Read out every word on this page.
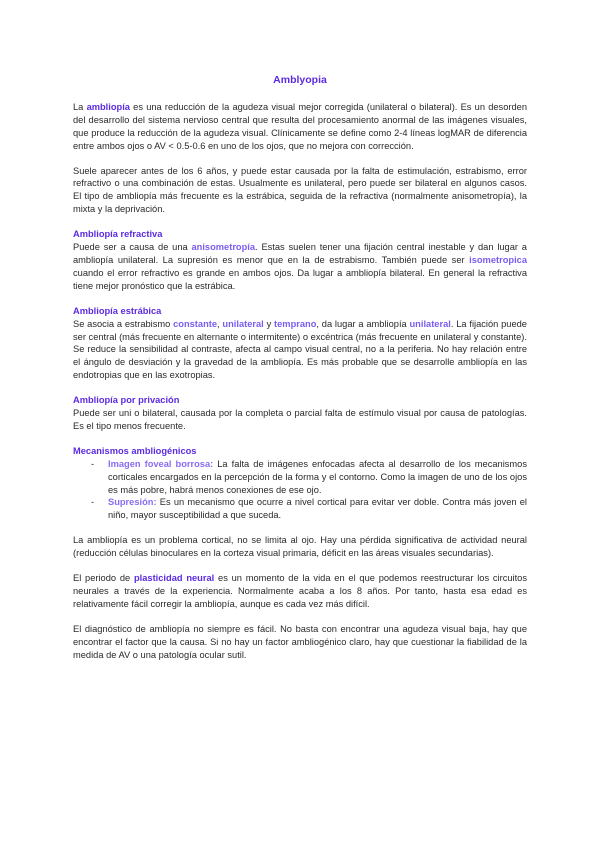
Amblyopia

La ambliopía es una reducción de la agudeza visual mejor corregida (unilateral o bilateral). Es un desorden del desarrollo del sistema nervioso central que resulta del procesamiento anormal de las imágenes visuales, que produce la reducción de la agudeza visual. Clínicamente se define como 2-4 líneas logMAR de diferencia entre ambos ojos o AV < 0.5-0.6 en uno de los ojos, que no mejora con corrección.

Suele aparecer antes de los 6 años, y puede estar causada por la falta de estimulación, estrabismo, error refractivo o una combinación de estas. Usualmente es unilateral, pero puede ser bilateral en algunos casos. El tipo de ambliopía más frecuente es la estrábica, seguida de la refractiva (normalmente anisometropía), la mixta y la deprivación.

Ambliopía refractiva

Puede ser a causa de una anisometropía. Estas suelen tener una fijación central inestable y dan lugar a ambliopía unilateral. La supresión es menor que en la de estrabismo. También puede ser isometropica cuando el error refractivo es grande en ambos ojos. Da lugar a ambliopía bilateral. En general la refractiva tiene mejor pronóstico que la estrábica.

Ambliopía estrábica

Se asocia a estrabismo constante, unilateral y temprano, da lugar a ambliopía unilateral. La fijación puede ser central (más frecuente en alternante o intermitente) o excéntrica (más frecuente en unilateral y constante). Se reduce la sensibilidad al contraste, afecta al campo visual central, no a la periferia. No hay relación entre el ángulo de desviación y la gravedad de la ambliopía. Es más probable que se desarrolle ambliopía en las endotropias que en las exotropias.

Ambliopía por privación

Puede ser uni o bilateral, causada por la completa o parcial falta de estímulo visual por causa de patologías. Es el tipo menos frecuente.

Mecanismos ambliogénicos
- Imagen foveal borrosa: La falta de imágenes enfocadas afecta al desarrollo de los mecanismos corticales encargados en la percepción de la forma y el contorno. Como la imagen de uno de los ojos es más pobre, habrá menos conexiones de ese ojo.
- Supresión: Es un mecanismo que ocurre a nivel cortical para evitar ver doble. Contra más joven el niño, mayor susceptibilidad a que suceda.

La ambliopía es un problema cortical, no se limita al ojo. Hay una pérdida significativa de actividad neural (reducción células binoculares en la corteza visual primaria, déficit en las áreas visuales secundarias).

El periodo de plasticidad neural es un momento de la vida en el que podemos reestructurar los circuitos neurales a través de la experiencia. Normalmente acaba a los 8 años. Por tanto, hasta esa edad es relativamente fácil corregir la ambliopía, aunque es cada vez más difícil.

El diagnóstico de ambliopía no siempre es fácil. No basta con encontrar una agudeza visual baja, hay que encontrar el factor que la causa. Si no hay un factor ambliogénico claro, hay que cuestionar la fiabilidad de la medida de AV o una patología ocular sutil.
